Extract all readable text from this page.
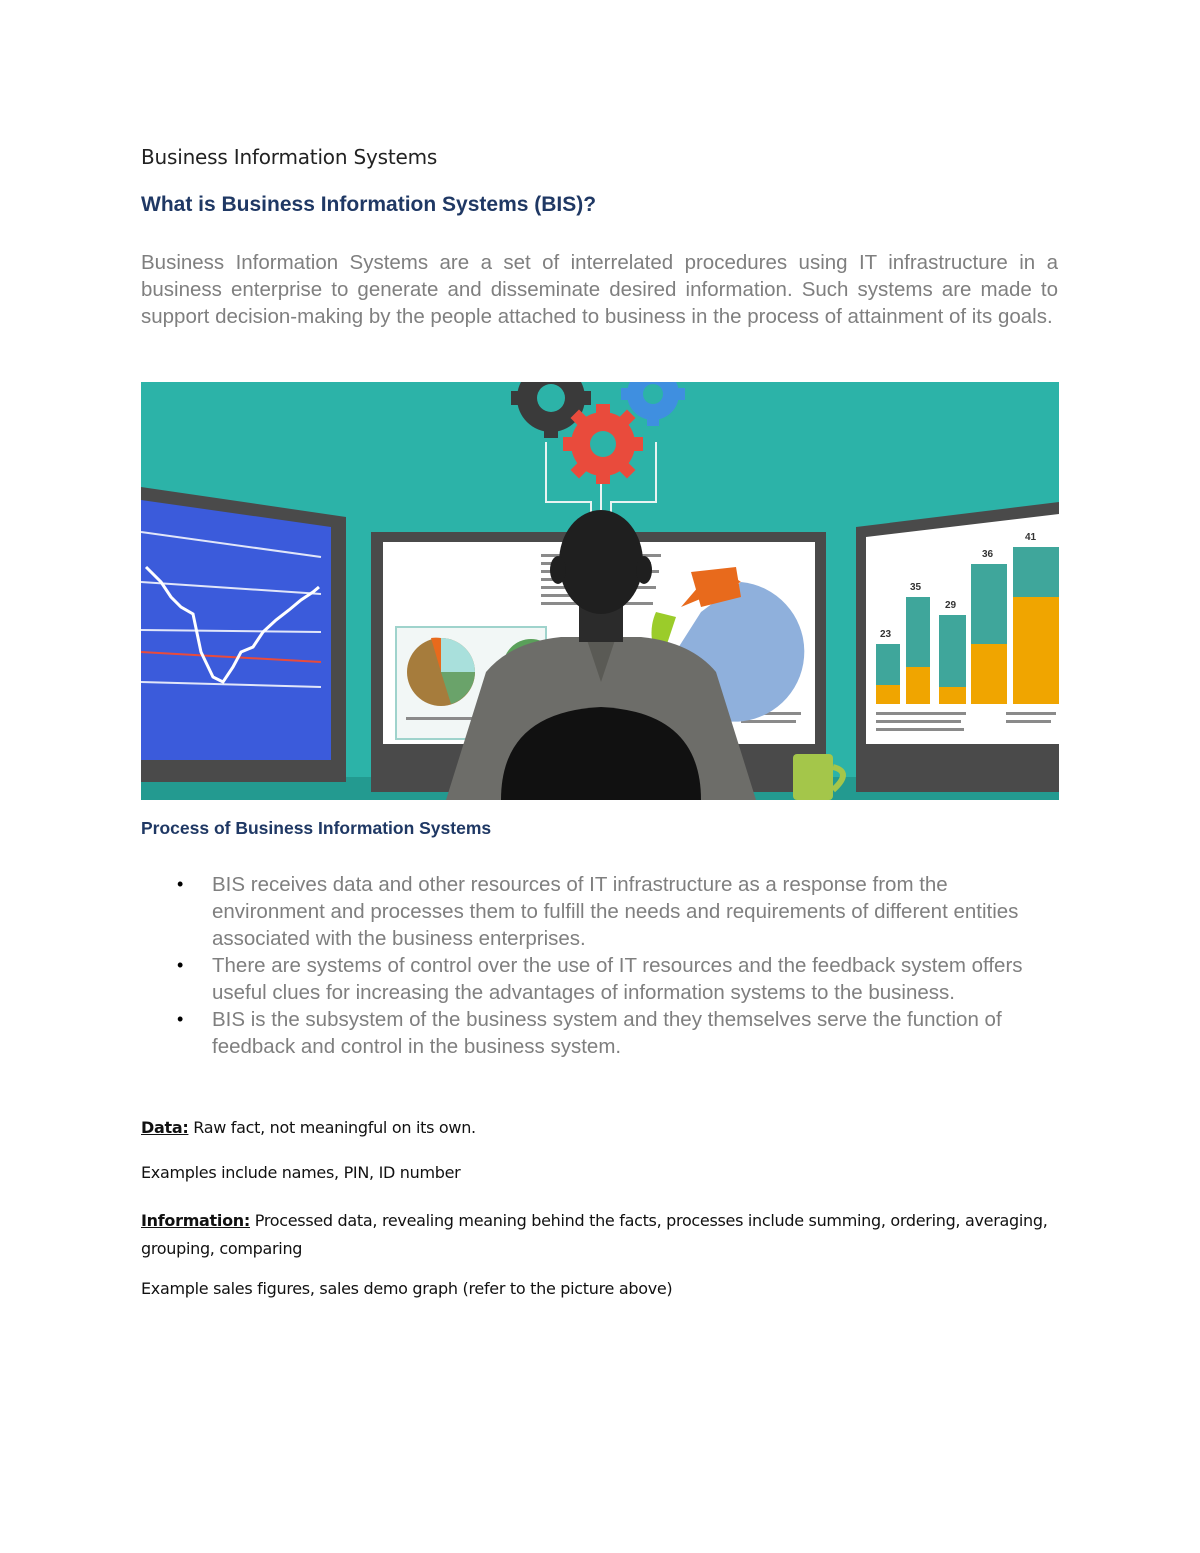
Business Information Systems
What is Business Information Systems (BIS)?

Business Information Systems are a set of interrelated procedures using IT infrastructure in a business enterprise to generate and disseminate desired information. Such systems are made to support decision-making by the people attached to business in the process of attainment of its goals.

23
35
29
36
41
Process of Business Information Systems
• BIS receives data and other resources of IT infrastructure as a response from the environment and processes them to fulfill the needs and requirements of different entities associated with the business enterprises.
• There are systems of control over the use of IT resources and the feedback system offers useful clues for increasing the advantages of information systems to the business.
• BIS is the subsystem of the business system and they themselves serve the function of feedback and control in the business system.

Data: Raw fact, not meaningful on its own.

Examples include names, PIN, ID number

Information: Processed data, revealing meaning behind the facts, processes include summing, ordering, averaging, grouping, comparing

Example sales figures, sales demo graph (refer to the picture above)
